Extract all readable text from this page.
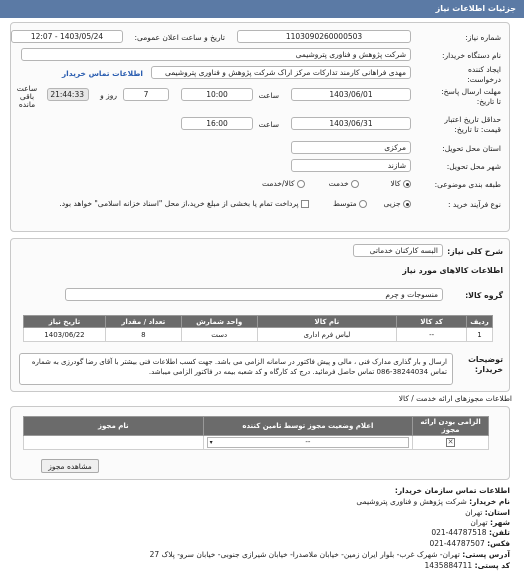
جزئیات اطلاعات نیاز
شماره نیاز:
1103090260000503
تاریخ و ساعت اعلان عمومی:
1403/05/24 - 12:07
نام دستگاه خریدار:
شرکت پژوهش و فناوری پتروشیمی
ایجاد کننده
درخواست:
مهدی فراهانی کارمند تدارکات مرکز اراک شرکت پژوهش و فناوری پتروشیمی
اطلاعات تماس خریدار
مهلت ارسال پاسخ:
تا تاریخ:
1403/06/01
ساعت
10:00
7
روز و
21:44:33
ساعت باقی مانده
حداقل تاریخ اعتبار
قیمت: تا تاریخ:
1403/06/31
ساعت
16:00
استان محل تحویل:
مرکزی
شهر محل تحویل:
شازند
طبقه بندی موضوعی:
کالا
خدمت
کالا/خدمت
نوع فرآیند خرید :
جزیی
متوسط
پرداخت تمام یا بخشی از مبلغ خرید،از محل "اسناد خزانه اسلامی" خواهد بود.
شرح کلی نیاز:
البسه کارکنان خدماتی
اطلاعات کالاهای مورد نیاز
گروه کالا:
منسوجات و چرم
ردیف	کد کالا	نام کالا	واحد شمارش	تعداد / مقدار	تاریخ نیاز
1	--	لباس فرم اداری	دست	8	1403/06/22
توضیحات خریدار:
ارسال و بار گذاری مدارک فنی ، مالی و پیش فاکتور در سامانه الزامی می باشد. جهت کسب اطلاعات فنی بیشتر با آقای رضا گودرزی به شماره تماس 38244034-086 تماس حاصل فرمائید. درج کد کارگاه و کد شعبه بیمه در فاکتور الزامی میباشد.
اطلاعات مجوزهای ارائه خدمت / کالا
الزامی بودن ارائه مجوز	اعلام وضعیت مجوز توسط تامین کننده	نام مجوز
✕	--
▾	

مشاهده مجوز
اطلاعات تماس سازمان خریدار:
نام خریدار: شرکت پژوهش و فناوری پتروشیمی
استان: تهران
شهر: تهران
تلفن: 44787518-021
فکس: 44787507-021
آدرس پستی: تهران- شهرک غرب- بلوار ایران زمین- خیابان ملاصدرا- خیابان شیرازی جنوبی- خیابان سرو- پلاک 27
کد پستی: 1435884711
